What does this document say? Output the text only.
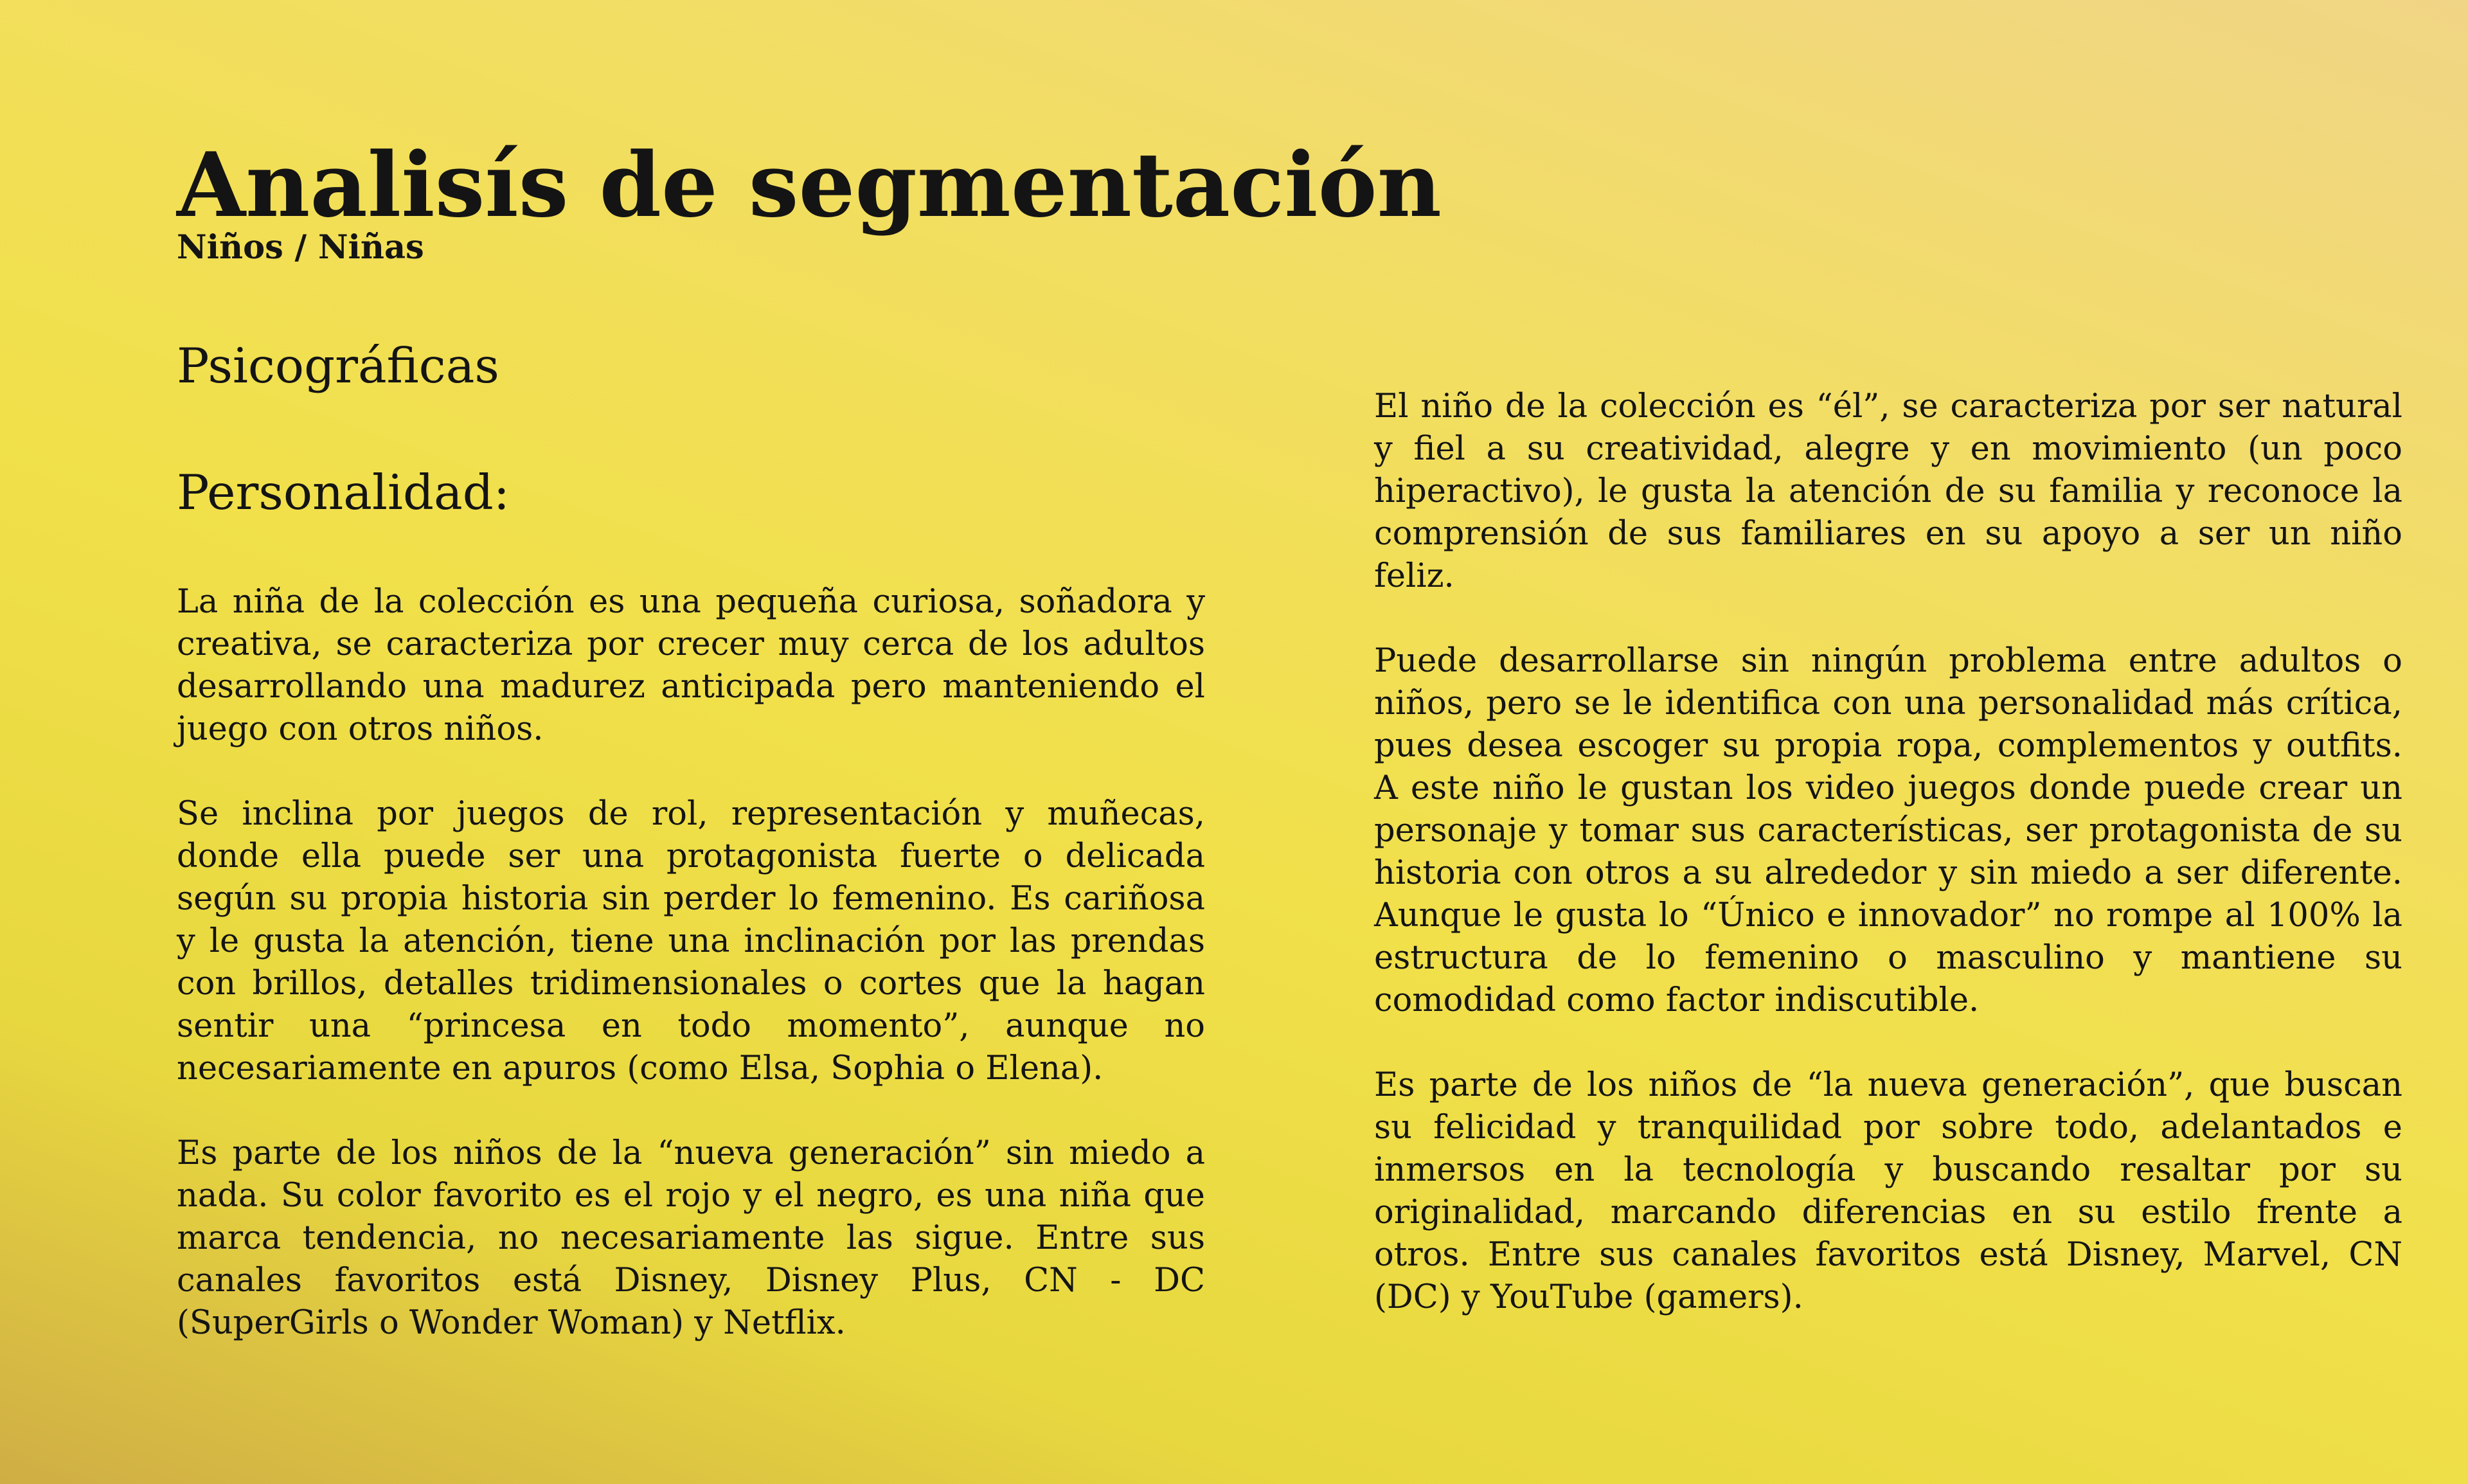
Analisís de segmentación
Niños / Niñas
Psicográficas
Personalidad:

La niña de la colección es una pequeña curiosa, soñadora y creativa, se caracteriza por crecer muy cerca de los adultos desarrollando una madurez anticipada pero manteniendo el juego con otros niños.

Se inclina por juegos de rol, representación y muñecas, donde ella puede ser una protagonista fuerte o delicada según su propia historia sin perder lo femenino. Es cariñosa y le gusta la atención, tiene una inclinación por las prendas con brillos, detalles tridimensionales o cortes que la hagan sentir una “princesa en todo momento”, aunque no necesariamente en apuros (como Elsa, Sophia o Elena).

Es parte de los niños de la “nueva generación” sin miedo a nada. Su color favorito es el rojo y el negro, es una niña que marca tendencia, no necesariamente las sigue. Entre sus canales favoritos está Disney, Disney Plus, CN - DC (SuperGirls o Wonder Woman) y Netflix.

El niño de la colección es “él”, se caracteriza por ser natural y fiel a su creatividad, alegre y en movimiento (un poco hiperactivo), le gusta la atención de su familia y reconoce la comprensión de sus familiares en su apoyo a ser un niño feliz.

Puede desarrollarse sin ningún problema entre adultos o niños, pero se le identifica con una personalidad más crítica, pues desea escoger su propia ropa, complementos y outfits. A este niño le gustan los video juegos donde puede crear un personaje y tomar sus características, ser protagonista de su historia con otros a su alrededor y sin miedo a ser diferente. Aunque le gusta lo “Único e innovador” no rompe al 100% la estructura de lo femenino o masculino y mantiene su comodidad como factor indiscutible.

Es parte de los niños de “la nueva generación”, que buscan su felicidad y tranquilidad por sobre todo, adelantados e inmersos en la tecnología y buscando resaltar por su originalidad, marcando diferencias en su estilo frente a otros. Entre sus canales favoritos está Disney, Marvel, CN (DC) y YouTube (gamers).
